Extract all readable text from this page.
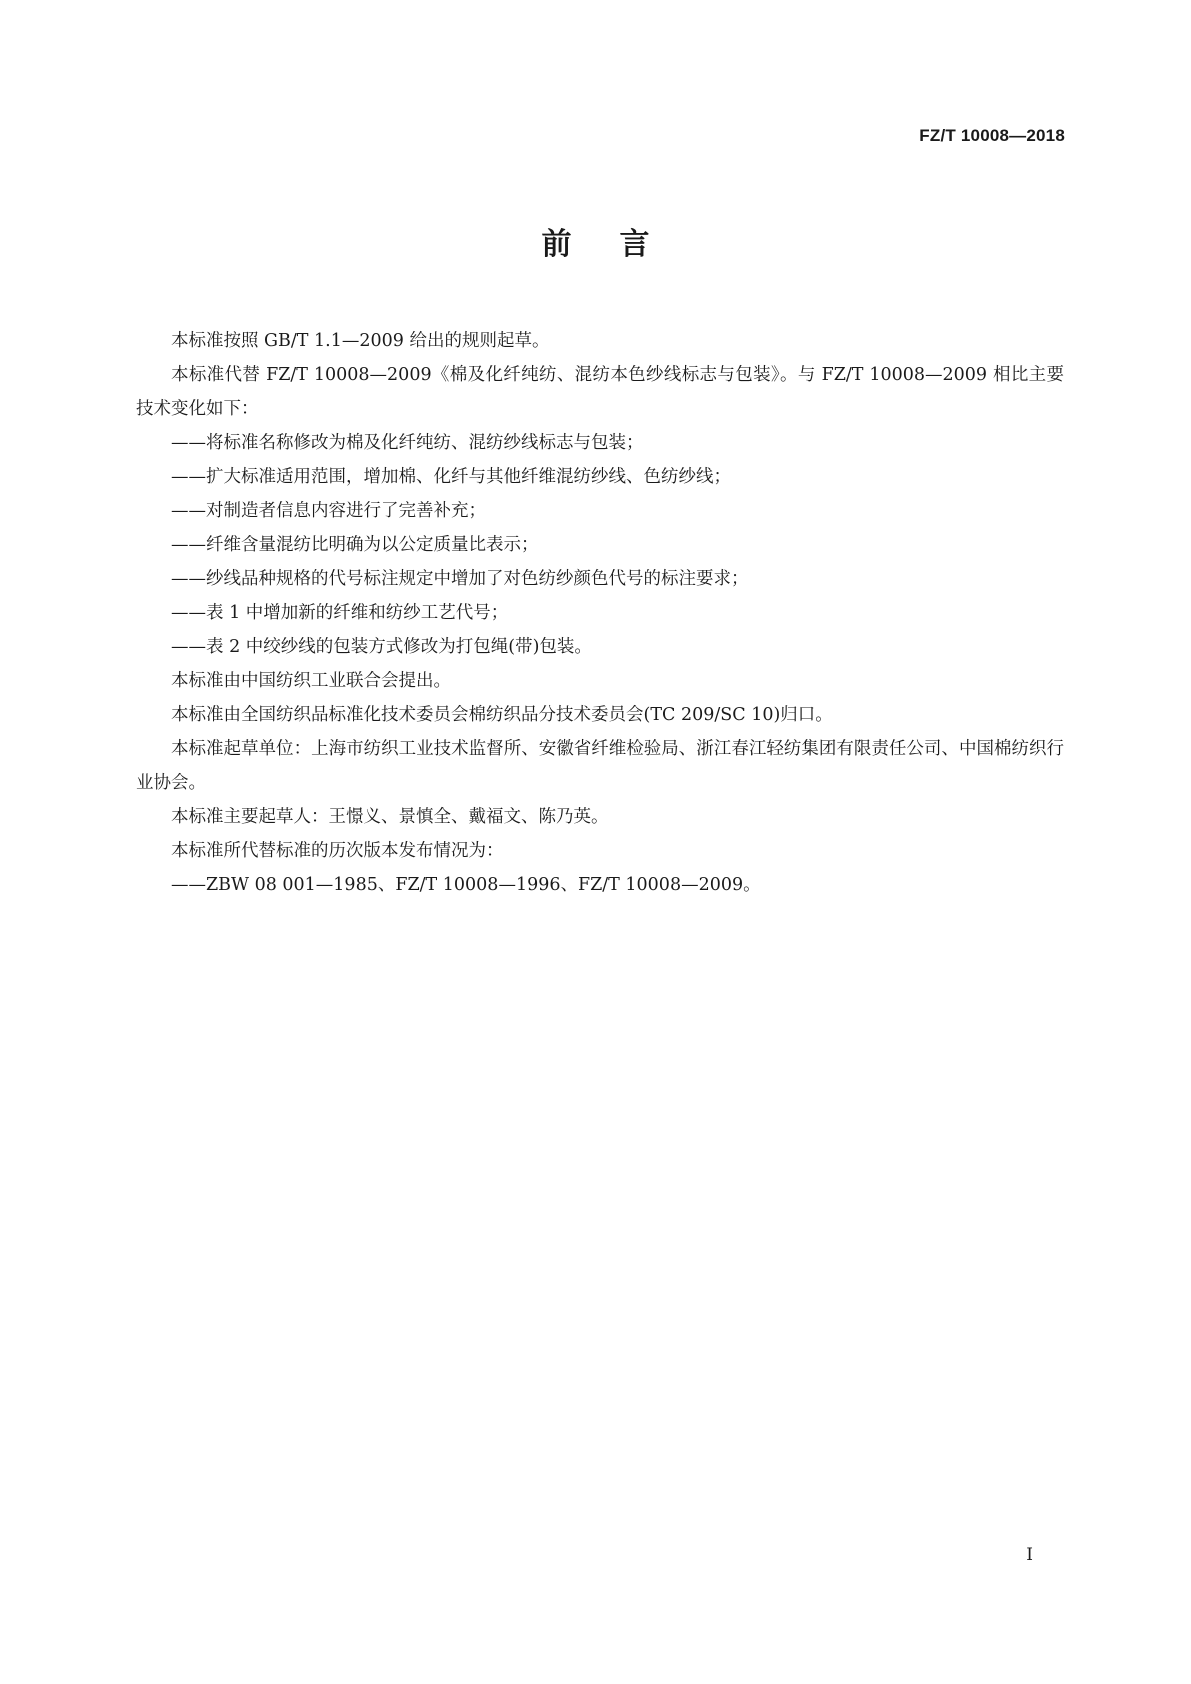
FZ/T 10008—2018
前言

本标准按照 GB/T 1.1—2009 给出的规则起草。

本标准代替 FZ/T 10008—2009《棉及化纤纯纺、混纺本色纱线标志与包装》。与 FZ/T 10008—2009 相比主要技术变化如下：

——将标准名称修改为棉及化纤纯纺、混纺纱线标志与包装；

——扩大标准适用范围，增加棉、化纤与其他纤维混纺纱线、色纺纱线；

——对制造者信息内容进行了完善补充；

——纤维含量混纺比明确为以公定质量比表示；

——纱线品种规格的代号标注规定中增加了对色纺纱颜色代号的标注要求；

——表 1 中增加新的纤维和纺纱工艺代号；

——表 2 中绞纱线的包装方式修改为打包绳(带)包装。

本标准由中国纺织工业联合会提出。

本标准由全国纺织品标准化技术委员会棉纺织品分技术委员会(TC 209/SC 10)归口。

本标准起草单位：上海市纺织工业技术监督所、安徽省纤维检验局、浙江春江轻纺集团有限责任公司、中国棉纺织行业协会。

本标准主要起草人：王憬义、景慎全、戴福文、陈乃英。

本标准所代替标准的历次版本发布情况为：

——ZBW 08 001—1985、FZ/T 10008—1996、FZ/T 10008—2009。

I
